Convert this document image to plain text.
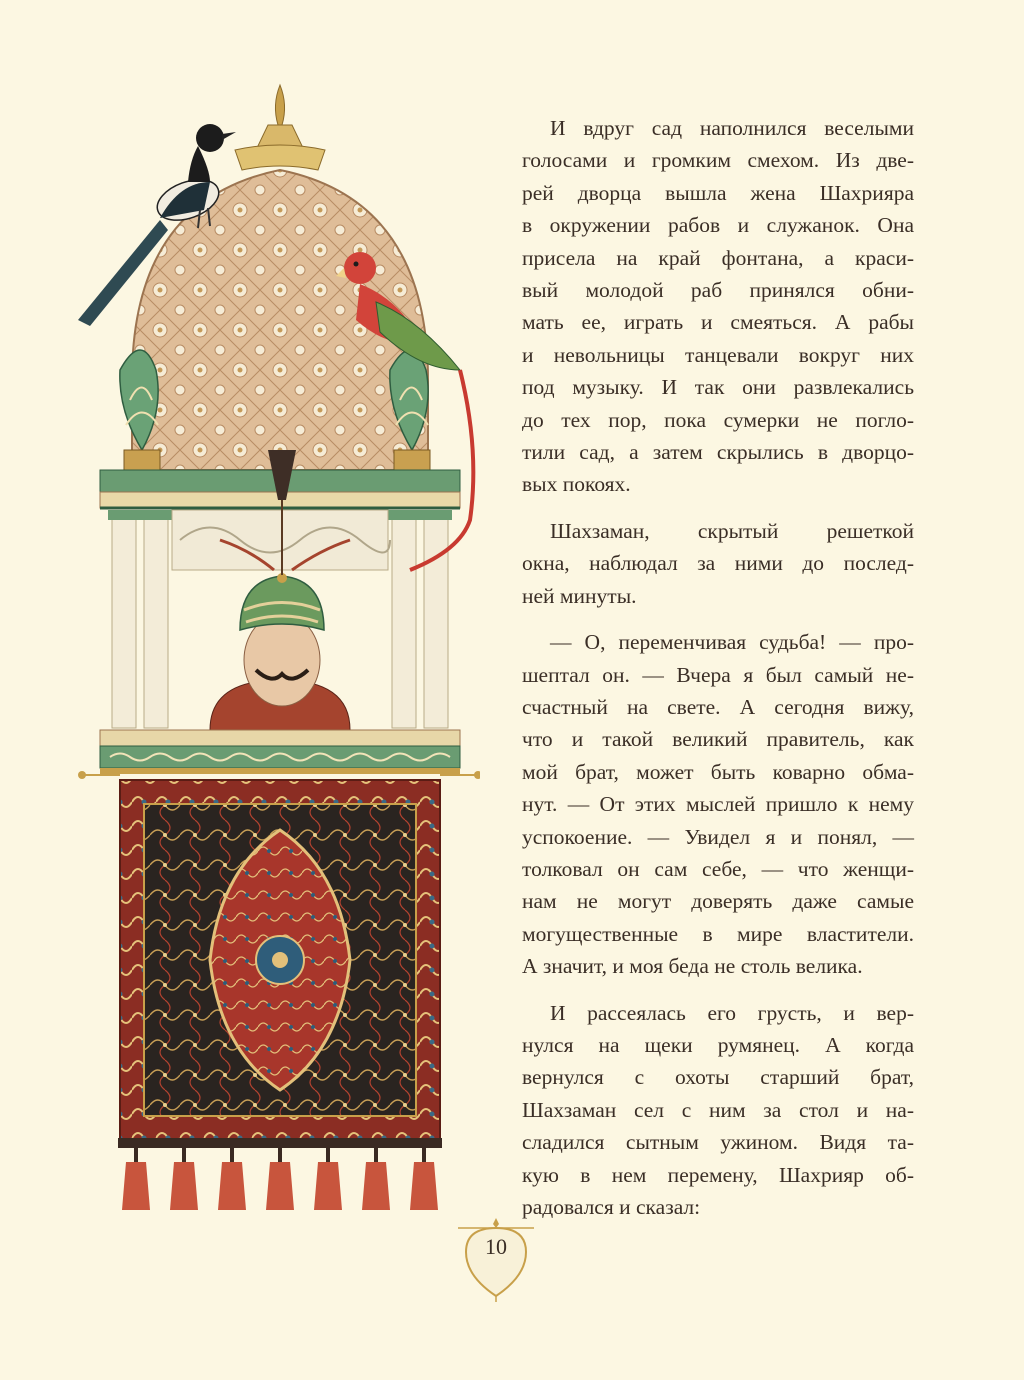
И вдруг сад наполнился веселыми
голосами и громким смехом. Из две-
рей дворца вышла жена Шахрияра
в окружении рабов и служанок. Она
присела на край фонтана, а краси-
вый молодой раб принялся обни-
мать ее, играть и смеяться. А рабы
и невольницы танцевали вокруг них
под музыку. И так они развлекались
до тех пор, пока сумерки не погло-
тили сад, а затем скрылись в дворцо-
вых покоях.

Шахзаман, скрытый решеткой
окна, наблюдал за ними до послед-
ней минуты.

— О, переменчивая судьба! — про-
шептал он. — Вчера я был самый не-
счастный на свете. А сегодня вижу,
что и такой великий правитель, как
мой брат, может быть коварно обма-
нут. — От этих мыслей пришло к нему
успокоение. — Увидел я и понял, —
толковал он сам себе, — что женщи-
нам не могут доверять даже самые
могущественные в мире властители.
А значит, и моя беда не столь велика.

И рассеялась его грусть, и вер-
нулся на щеки румянец. А когда
вернулся с охоты старший брат,
Шахзаман сел с ним за стол и на-
сладился сытным ужином. Видя та-
кую в нем перемену, Шахрияр об-
радовался и сказал:

10
